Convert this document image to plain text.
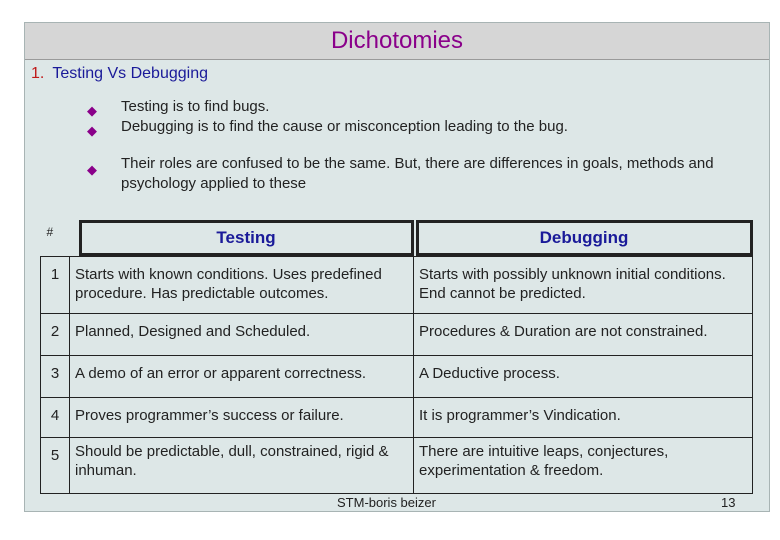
Dichotomies
1. Testing Vs Debugging
◆ Testing is to find bugs.
◆ Debugging is to find the cause or misconception leading to the bug.
◆ Their roles are confused to be the same. But, there are differences in goals, methods and psychology applied to these
#	Testing	Debugging

1	Starts with known conditions. Uses predefined procedure. Has predictable outcomes.	Starts with possibly unknown initial conditions. End cannot be predicted.
2	Planned, Designed and Scheduled.	Procedures & Duration are not constrained.
3	A demo of an error or apparent correctness.	A Deductive process.
4	Proves programmer’s success or failure.	It is programmer’s Vindication.
5	Should be predictable, dull, constrained, rigid & inhuman.	There are intuitive leaps, conjectures, experimentation & freedom.
STM-boris beizer	13
